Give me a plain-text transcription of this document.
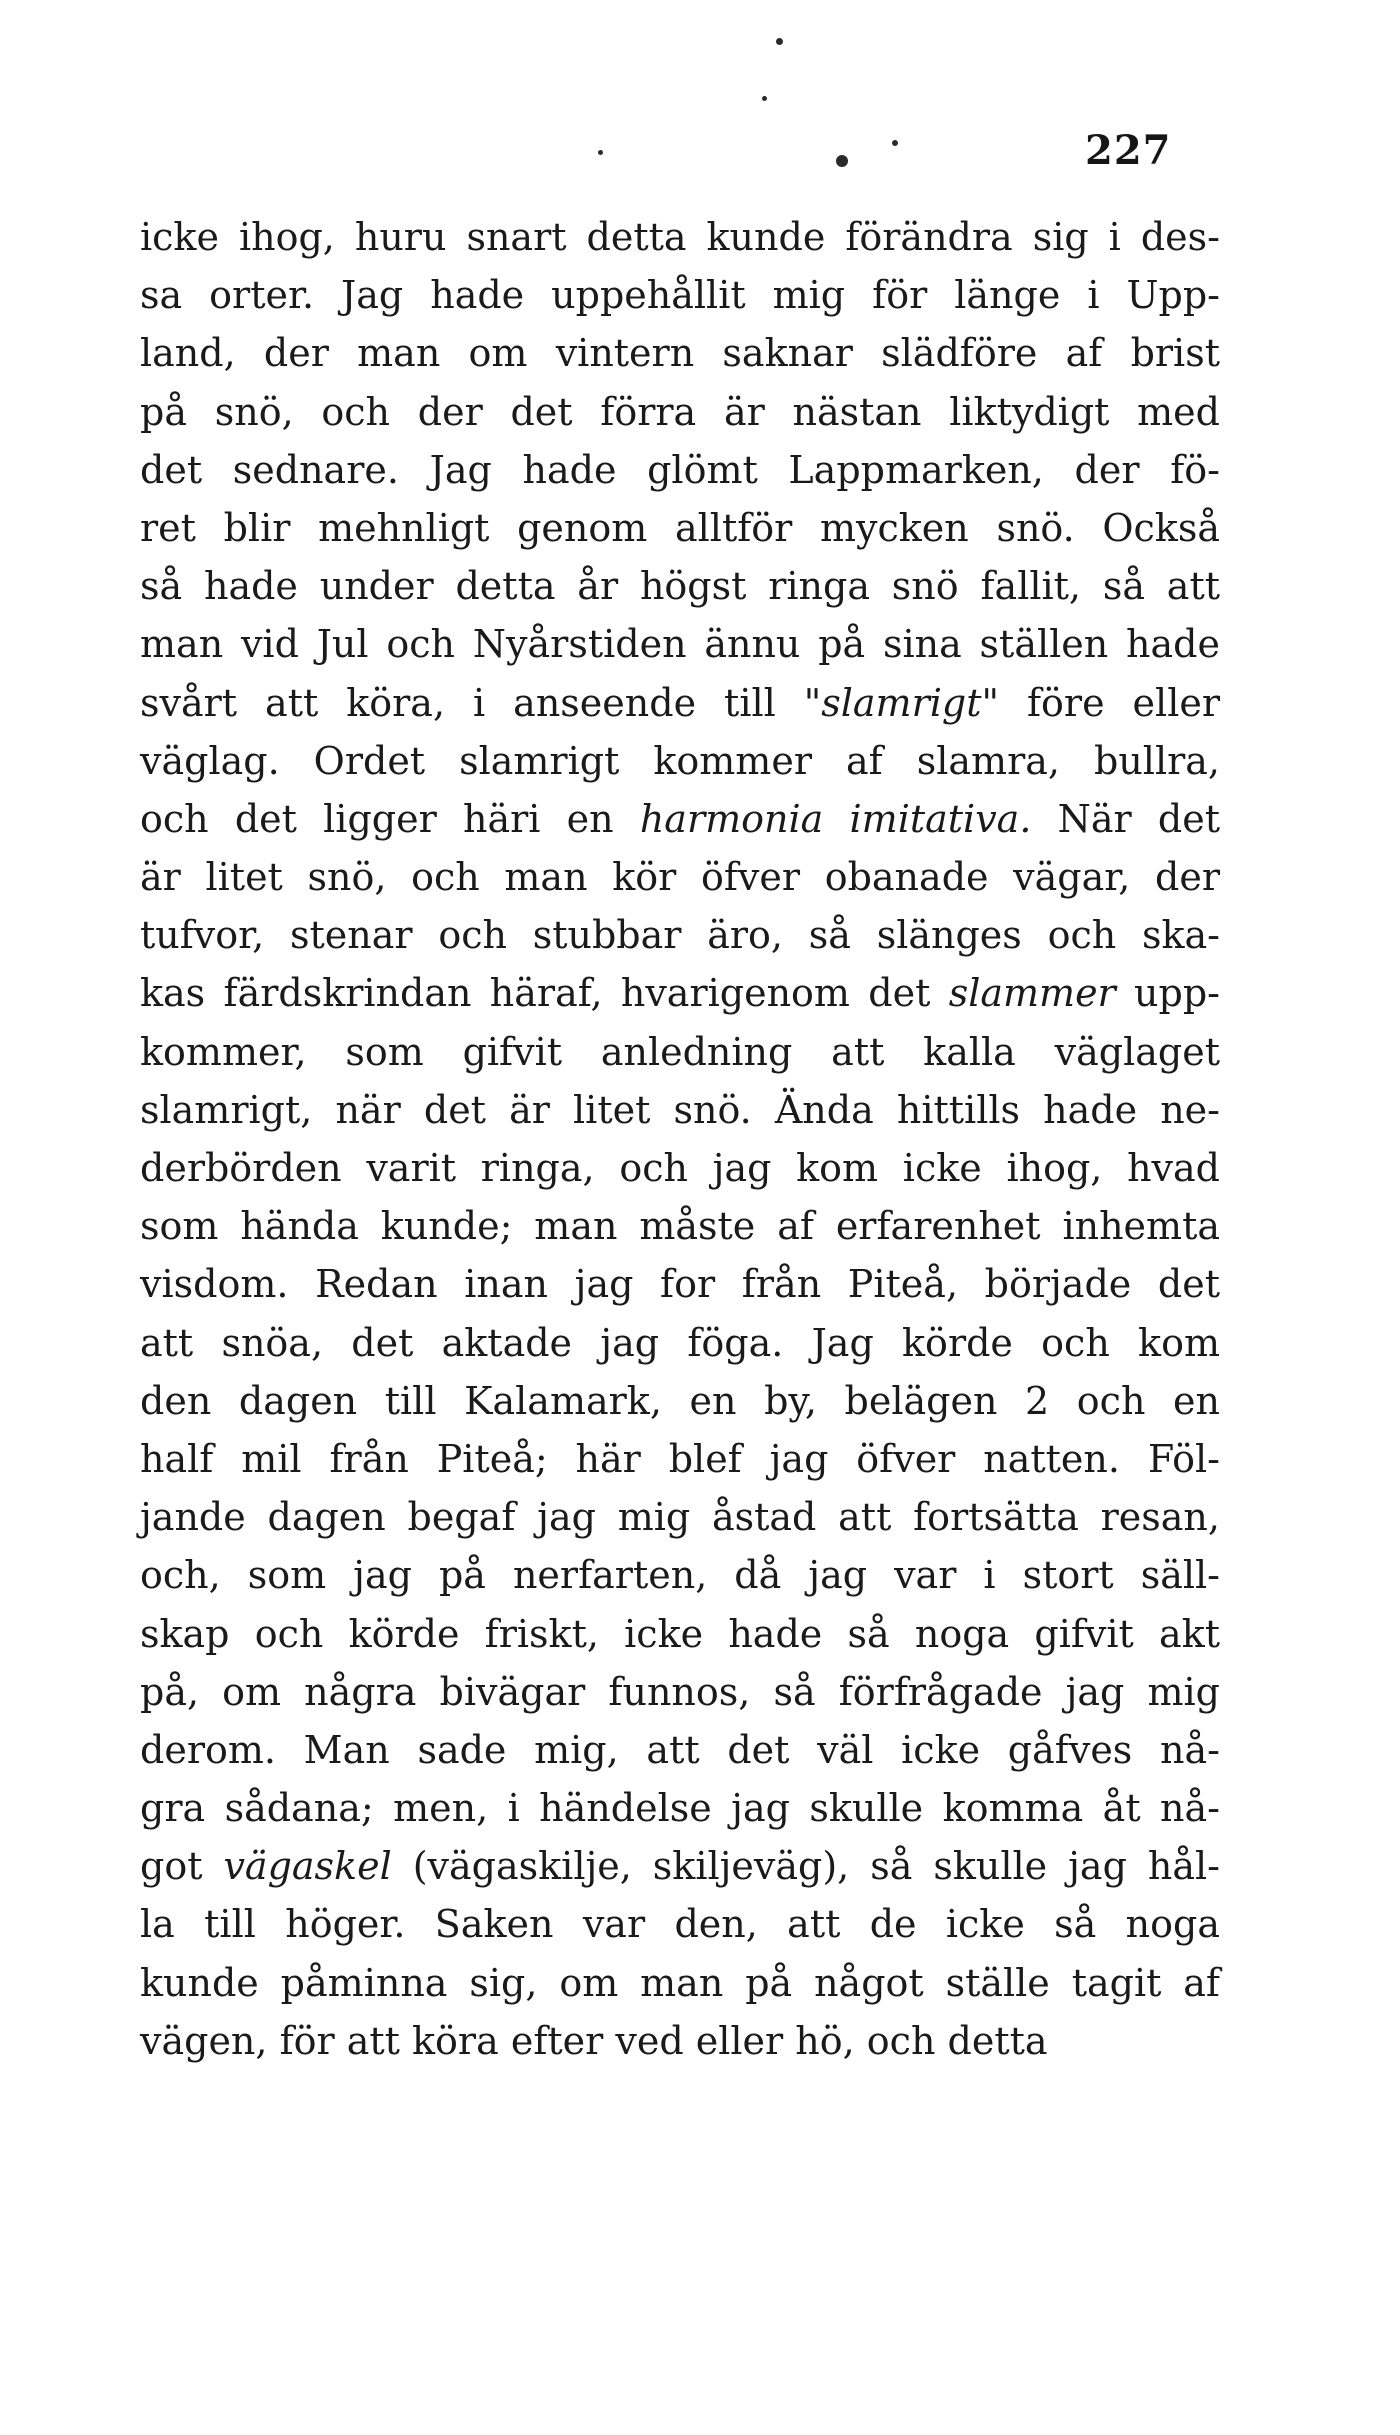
227
icke ihog, huru snart detta kunde förändra sig i des-
sa orter. Jag hade uppehållit mig för länge i Upp-
land, der man om vintern saknar slädföre af brist
på snö, och der det förra är nästan liktydigt med
det sednare. Jag hade glömt Lappmarken, der fö-
ret blir mehnligt genom alltför mycken snö. Också
så hade under detta år högst ringa snö fallit, så att
man vid Jul och Nyårstiden ännu på sina ställen hade
svårt att köra, i anseende till "slamrigt" före eller
väglag. Ordet slamrigt kommer af slamra, bullra,
och det ligger häri en harmonia imitativa. När det
är litet snö, och man kör öfver obanade vägar, der
tufvor, stenar och stubbar äro, så slänges och ska-
kas färdskrindan häraf, hvarigenom det slammer upp-
kommer, som gifvit anledning att kalla väglaget
slamrigt, när det är litet snö. Ända hittills hade ne-
derbörden varit ringa, och jag kom icke ihog, hvad
som hända kunde; man måste af erfarenhet inhemta
visdom. Redan inan jag for från Piteå, började det
att snöa, det aktade jag föga. Jag körde och kom
den dagen till Kalamark, en by, belägen 2 och en
half mil från Piteå; här blef jag öfver natten. Föl-
jande dagen begaf jag mig åstad att fortsätta resan,
och, som jag på nerfarten, då jag var i stort säll-
skap och körde friskt, icke hade så noga gifvit akt
på, om några bivägar funnos, så förfrågade jag mig
derom. Man sade mig, att det väl icke gåfves nå-
gra sådana; men, i händelse jag skulle komma åt nå-
got vägaskel (vägaskilje, skiljeväg), så skulle jag hål-
la till höger. Saken var den, att de icke så noga
kunde påminna sig, om man på något ställe tagit af
vägen, för att köra efter ved eller hö, och detta
